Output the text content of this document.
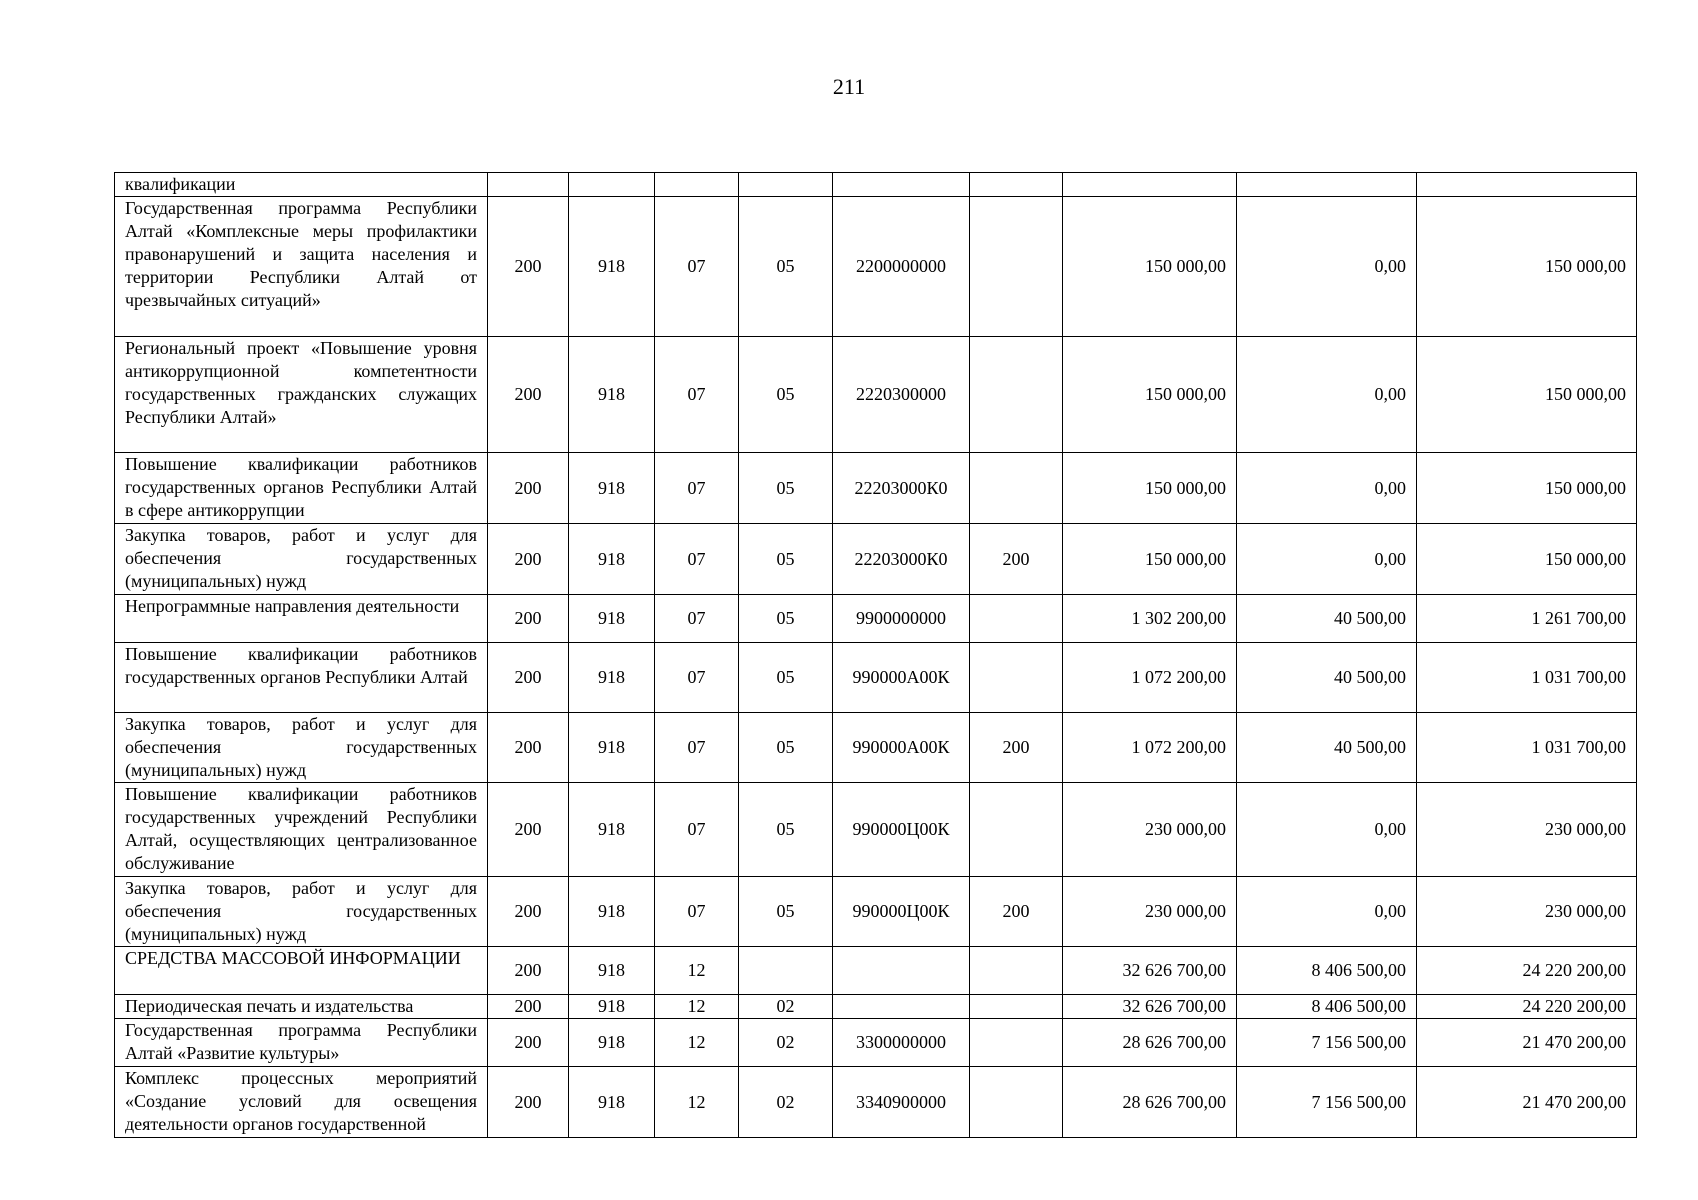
211
квалификации									
Государственная программа Республики Алтай «Комплексные меры профилактики правонарушений и защита населения и территории Республики Алтай от чрезвычайных ситуаций»	200	918	07	05	2200000000		150 000,00	0,00	150 000,00
Региональный проект «Повышение уровня антикоррупционной компетентности государственных гражданских служащих Республики Алтай»	200	918	07	05	2220300000		150 000,00	0,00	150 000,00
Повышение квалификации работников государственных органов Республики Алтай в сфере антикоррупции	200	918	07	05	22203000К0		150 000,00	0,00	150 000,00
Закупка товаров, работ и услуг для обеспечения государственных (муниципальных) нужд	200	918	07	05	22203000К0	200	150 000,00	0,00	150 000,00
Непрограммные направления деятельности	200	918	07	05	9900000000		1 302 200,00	40 500,00	1 261 700,00
Повышение квалификации работников государственных органов Республики Алтай	200	918	07	05	990000А00К		1 072 200,00	40 500,00	1 031 700,00
Закупка товаров, работ и услуг для обеспечения государственных (муниципальных) нужд	200	918	07	05	990000А00К	200	1 072 200,00	40 500,00	1 031 700,00
Повышение квалификации работников государственных учреждений Республики Алтай, осуществляющих централизованное обслуживание	200	918	07	05	990000Ц00К		230 000,00	0,00	230 000,00
Закупка товаров, работ и услуг для обеспечения государственных (муниципальных) нужд	200	918	07	05	990000Ц00К	200	230 000,00	0,00	230 000,00
СРЕДСТВА МАССОВОЙ ИНФОРМАЦИИ	200	918	12				32 626 700,00	8 406 500,00	24 220 200,00
Периодическая печать и издательства	200	918	12	02			32 626 700,00	8 406 500,00	24 220 200,00
Государственная программа Республики Алтай «Развитие культуры»	200	918	12	02	3300000000		28 626 700,00	7 156 500,00	21 470 200,00
Комплекс процессных мероприятий «Создание условий для освещения деятельности органов государственной	200	918	12	02	3340900000		28 626 700,00	7 156 500,00	21 470 200,00
